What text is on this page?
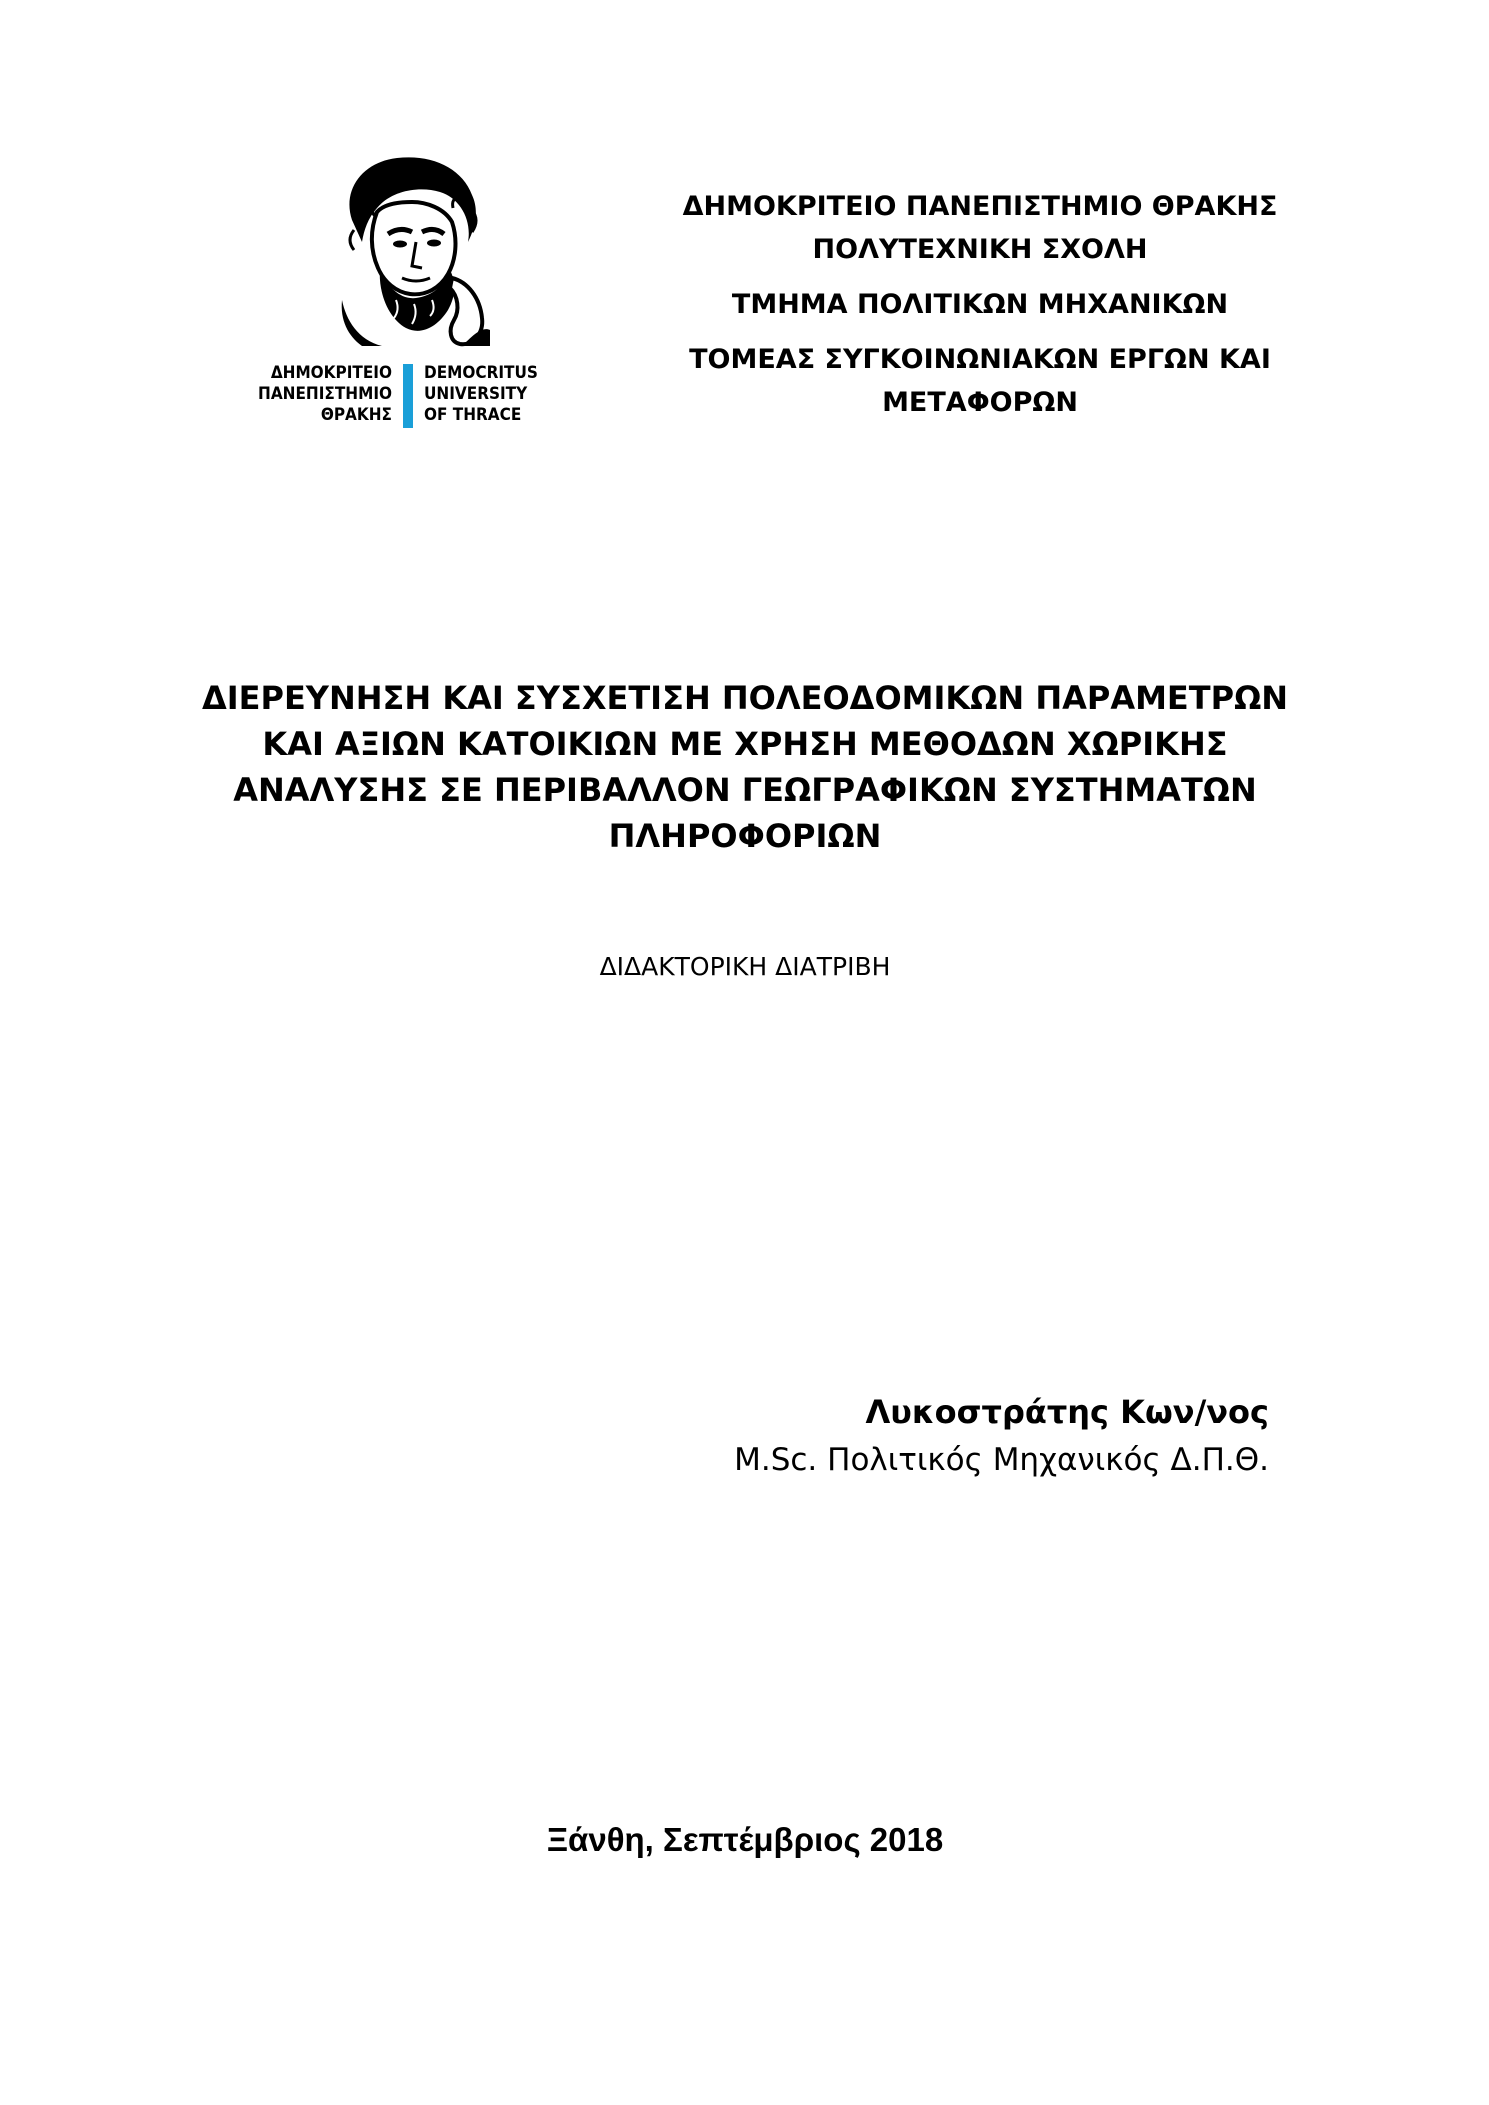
ΔΗΜΟΚΡΙΤΕΙΟ
ΠΑΝΕΠΙΣΤΗΜΙΟ
ΘΡΑΚΗΣ
DEMOCRITUS
UNIVERSITY
OF THRACE
ΔΗΜΟΚΡΙΤΕΙΟ ΠΑΝΕΠΙΣΤΗΜΙΟ ΘΡΑΚΗΣ
ΠΟΛΥΤΕΧΝΙΚΗ ΣΧΟΛΗ
ΤΜΗΜΑ ΠΟΛΙΤΙΚΩΝ ΜΗΧΑΝΙΚΩΝ
ΤΟΜΕΑΣ ΣΥΓΚΟΙΝΩΝΙΑΚΩΝ ΕΡΓΩΝ ΚΑΙ
ΜΕΤΑΦΟΡΩΝ
ΔΙΕΡΕΥΝΗΣΗ ΚΑΙ ΣΥΣΧΕΤΙΣΗ ΠΟΛΕΟΔΟΜΙΚΩΝ ΠΑΡΑΜΕΤΡΩΝ
ΚΑΙ ΑΞΙΩΝ ΚΑΤΟΙΚΙΩΝ ΜΕ ΧΡΗΣΗ ΜΕΘΟΔΩΝ ΧΩΡΙΚΗΣ
ΑΝΑΛΥΣΗΣ ΣΕ ΠΕΡΙΒΑΛΛΟΝ ΓΕΩΓΡΑΦΙΚΩΝ ΣΥΣΤΗΜΑΤΩΝ
ΠΛΗΡΟΦΟΡΙΩΝ
ΔΙΔΑΚΤΟΡΙΚΗ ΔΙΑΤΡΙΒΗ
Λυκοστράτης Κων/νος
M.Sc. Πολιτικός Μηχανικός Δ.Π.Θ.
Ξάνθη, Σεπτέμβριος 2018
